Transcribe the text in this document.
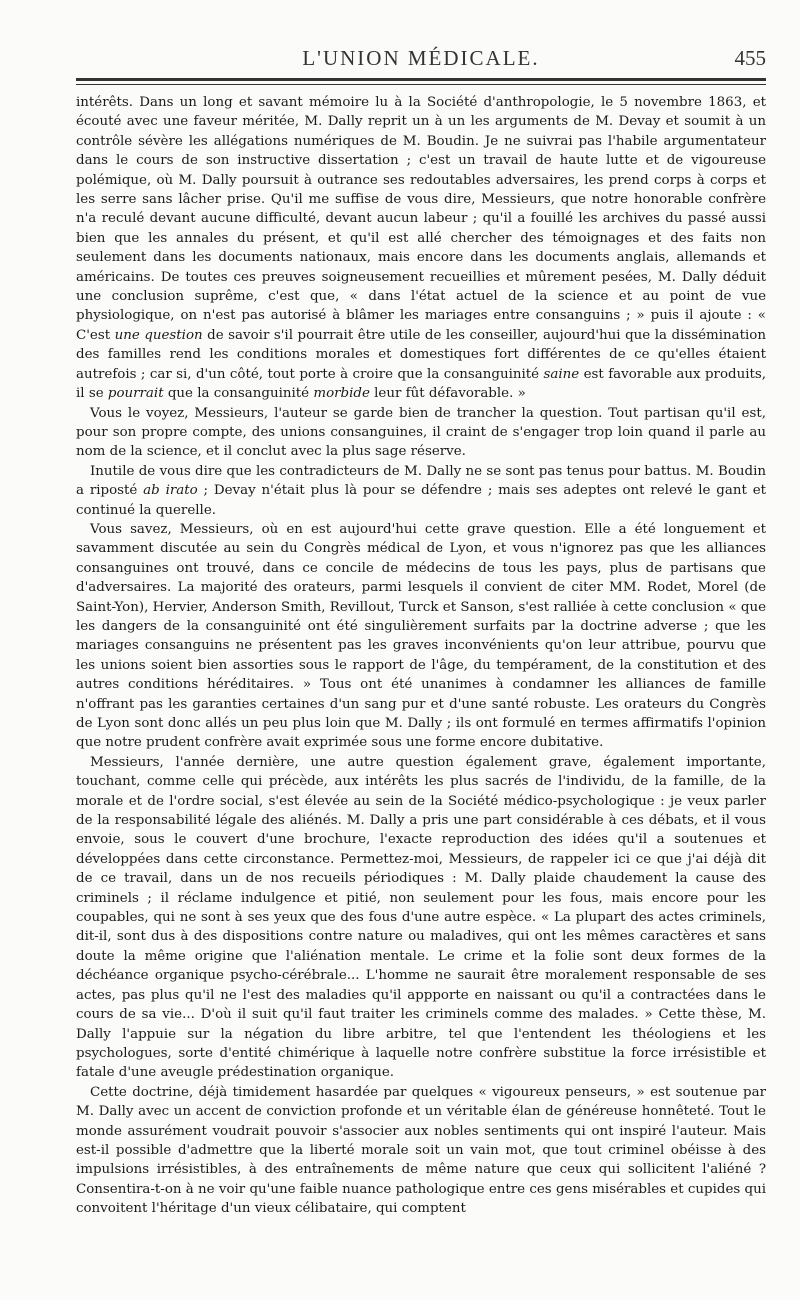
L'UNION MÉDICALE.	455

intérêts. Dans un long et savant mémoire lu à la Société d'anthropologie, le 5 novembre 1863, et écouté avec une faveur méritée, M. Dally reprit un à un les arguments de M. Devay et soumit à un contrôle sévère les allégations numériques de M. Boudin. Je ne suivrai pas l'habile argumentateur dans le cours de son instructive dissertation ; c'est un travail de haute lutte et de vigoureuse polémique, où M. Dally poursuit à outrance ses redoutables adversaires, les prend corps à corps et les serre sans lâcher prise. Qu'il me suffise de vous dire, Messieurs, que notre honorable confrère n'a reculé devant aucune difficulté, devant aucun labeur ; qu'il a fouillé les archives du passé aussi bien que les annales du présent, et qu'il est allé chercher des témoignages et des faits non seulement dans les documents nationaux, mais encore dans les documents anglais, allemands et américains. De toutes ces preuves soigneusement recueillies et mûrement pesées, M. Dally déduit une conclusion suprême, c'est que, « dans l'état actuel de la science et au point de vue physiologique, on n'est pas autorisé à blâmer les mariages entre consanguins ; » puis il ajoute : « C'est une question de savoir s'il pourrait être utile de les conseiller, aujourd'hui que la dissémination des familles rend les conditions morales et domestiques fort différentes de ce qu'elles étaient autrefois ; car si, d'un côté, tout porte à croire que la consanguinité saine est favorable aux produits, il se pourrait que la consanguinité morbide leur fût défavorable. »

Vous le voyez, Messieurs, l'auteur se garde bien de trancher la question. Tout partisan qu'il est, pour son propre compte, des unions consanguines, il craint de s'engager trop loin quand il parle au nom de la science, et il conclut avec la plus sage réserve.

Inutile de vous dire que les contradicteurs de M. Dally ne se sont pas tenus pour battus. M. Boudin a riposté ab irato ; Devay n'était plus là pour se défendre ; mais ses adeptes ont relevé le gant et continué la querelle.

Vous savez, Messieurs, où en est aujourd'hui cette grave question. Elle a été longuement et savamment discutée au sein du Congrès médical de Lyon, et vous n'ignorez pas que les alliances consanguines ont trouvé, dans ce concile de médecins de tous les pays, plus de partisans que d'adversaires. La majorité des orateurs, parmi lesquels il convient de citer MM. Rodet, Morel (de Saint-Yon), Hervier, Anderson Smith, Revillout, Turck et Sanson, s'est ralliée à cette conclusion « que les dangers de la consanguinité ont été singulièrement surfaits par la doctrine adverse ; que les mariages consanguins ne présentent pas les graves inconvénients qu'on leur attribue, pourvu que les unions soient bien assorties sous le rapport de l'âge, du tempérament, de la constitution et des autres conditions héréditaires. » Tous ont été unanimes à condamner les alliances de famille n'offrant pas les garanties certaines d'un sang pur et d'une santé robuste. Les orateurs du Congrès de Lyon sont donc allés un peu plus loin que M. Dally ; ils ont formulé en termes affirmatifs l'opinion que notre prudent confrère avait exprimée sous une forme encore dubitative.

Messieurs, l'année dernière, une autre question également grave, également importante, touchant, comme celle qui précède, aux intérêts les plus sacrés de l'individu, de la famille, de la morale et de l'ordre social, s'est élevée au sein de la Société médico-psychologique : je veux parler de la responsabilité légale des aliénés. M. Dally a pris une part considérable à ces débats, et il vous envoie, sous le couvert d'une brochure, l'exacte reproduction des idées qu'il a soutenues et développées dans cette circonstance. Permettez-moi, Messieurs, de rappeler ici ce que j'ai déjà dit de ce travail, dans un de nos recueils périodiques : M. Dally plaide chaudement la cause des criminels ; il réclame indulgence et pitié, non seulement pour les fous, mais encore pour les coupables, qui ne sont à ses yeux que des fous d'une autre espèce. « La plupart des actes criminels, dit-il, sont dus à des dispositions contre nature ou maladives, qui ont les mêmes caractères et sans doute la même origine que l'aliénation mentale. Le crime et la folie sont deux formes de la déchéance organique psycho-cérébrale... L'homme ne saurait être moralement responsable de ses actes, pas plus qu'il ne l'est des maladies qu'il appporte en naissant ou qu'il a contractées dans le cours de sa vie... D'où il suit qu'il faut traiter les criminels comme des malades. » Cette thèse, M. Dally l'appuie sur la négation du libre arbitre, tel que l'entendent les théologiens et les psychologues, sorte d'entité chimérique à laquelle notre confrère substitue la force irrésistible et fatale d'une aveugle prédestination organique.

Cette doctrine, déjà timidement hasardée par quelques « vigoureux penseurs, » est soutenue par M. Dally avec un accent de conviction profonde et un véritable élan de généreuse honnêteté. Tout le monde assurément voudrait pouvoir s'associer aux nobles sentiments qui ont inspiré l'auteur. Mais est-il possible d'admettre que la liberté morale soit un vain mot, que tout criminel obéisse à des impulsions irrésistibles, à des entraînements de même nature que ceux qui sollicitent l'aliéné ? Consentira-t-on à ne voir qu'une faible nuance pathologique entre ces gens misérables et cupides qui convoitent l'héritage d'un vieux célibataire, qui comptent
